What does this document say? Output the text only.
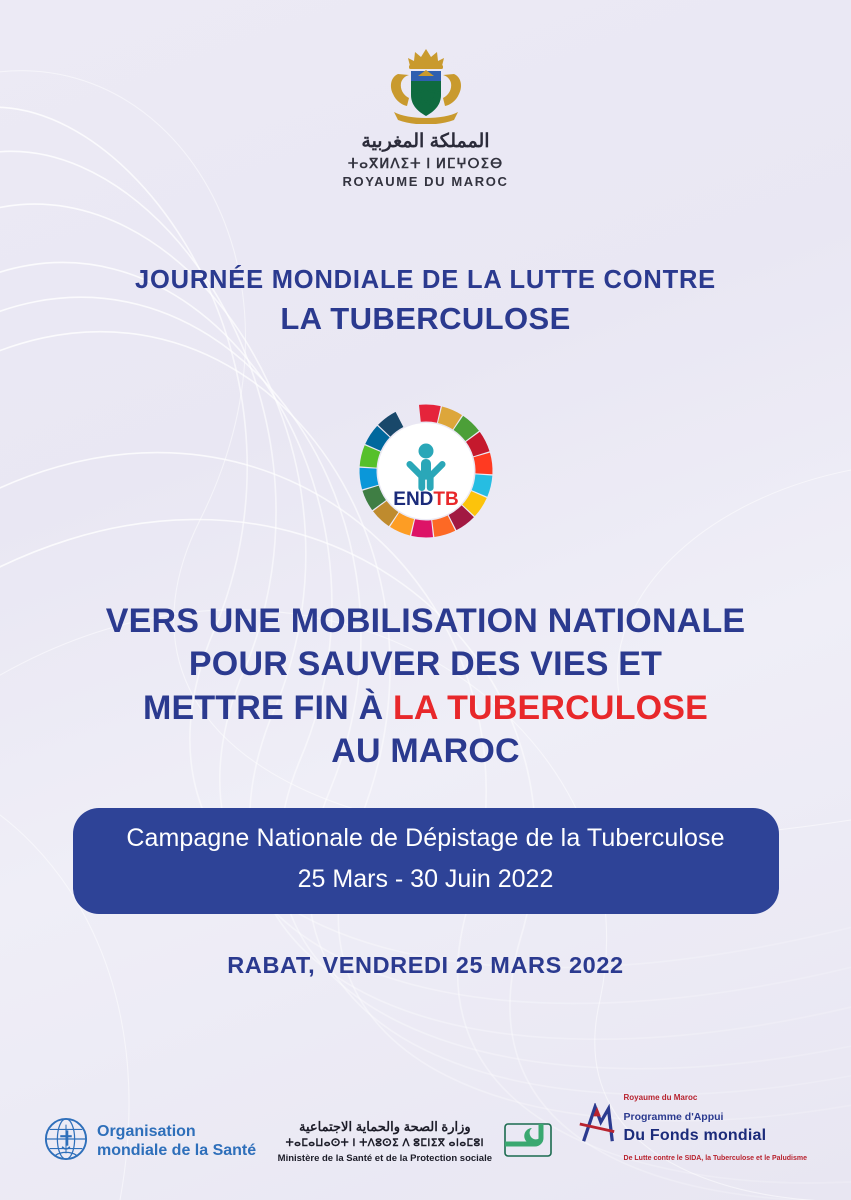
المملكة المغربية
ⵜⴰⴳⵍⴷⵉⵜ ⵏ ⵍⵎⵖⵔⵉⴱ
ROYAUME DU MAROC
JOURNÉE MONDIALE DE LA LUTTE CONTRE
LA TUBERCULOSE
ENDTB
VERS UNE MOBILISATION NATIONALE
POUR SAUVER DES VIES ET
METTRE FIN À LA TUBERCULOSE
AU MAROC
Campagne Nationale de Dépistage de la Tuberculose
25 Mars - 30 Juin 2022
RABAT, VENDREDI 25 MARS 2022
Organisation
mondiale de la Santé
وزارة الصحة والحماية الاجتماعية
ⵜⴰⵎⴰⵡⴰⵙⵜ ⵏ ⵜⴷⵓⵙⵉ ⴷ ⵓⵎⵏⵉⴳ ⴰⵏⴰⵎⵓⵏ
Ministère de la Santé et de la Protection sociale
Royaume du Maroc
Programme d'Appui
Du Fonds mondial
De Lutte contre le SIDA, la Tuberculose et le Paludisme
